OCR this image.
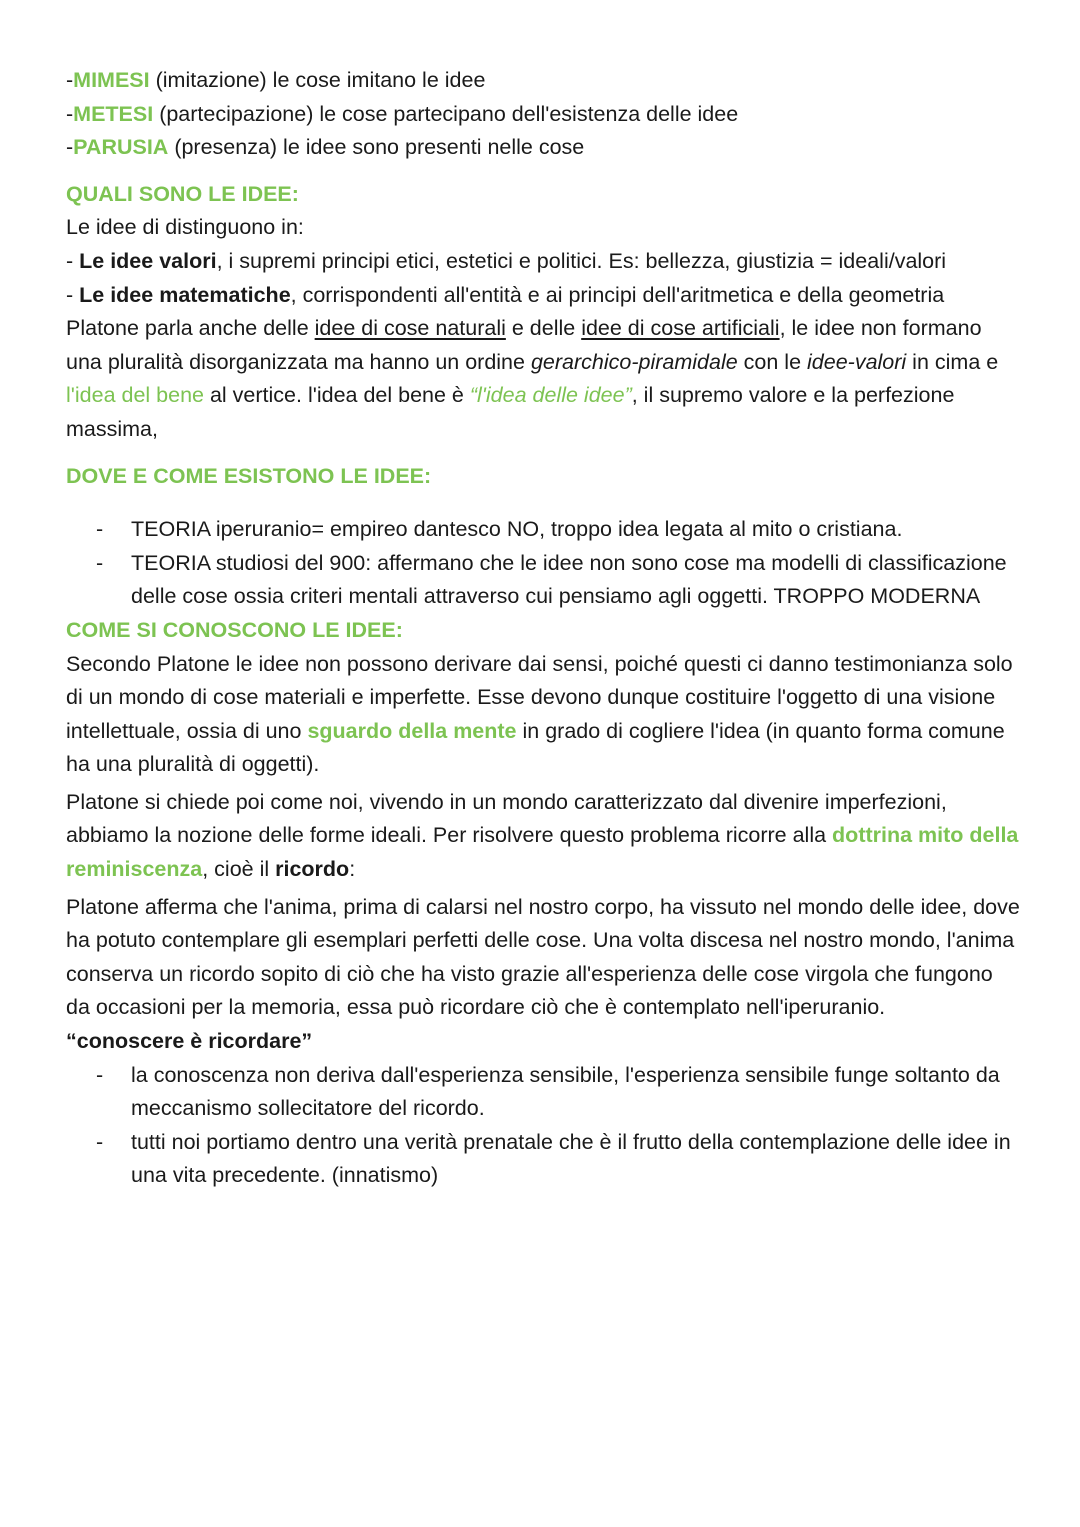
-MIMESI (imitazione) le cose imitano le idee

-METESI (partecipazione) le cose partecipano dell'esistenza delle idee

-PARUSIA (presenza) le idee sono presenti nelle cose

QUALI SONO LE IDEE:

Le idee di distinguono in:

- Le idee valori, i supremi principi etici, estetici e politici. Es: bellezza, giustizia = ideali/valori

- Le idee matematiche, corrispondenti all'entità e ai principi dell'aritmetica e della geometria

Platone parla anche delle idee di cose naturali e delle idee di cose artificiali, le idee non formano una pluralità disorganizzata ma hanno un ordine gerarchico-piramidale con le idee-valori in cima e l'idea del bene al vertice. l'idea del bene è “l'idea delle idee”, il supremo valore e la perfezione massima,

DOVE E COME ESISTONO LE IDEE:
- TEORIA iperuranio= empireo dantesco NO, troppo idea legata al mito o cristiana.
- TEORIA studiosi del 900: affermano che le idee non sono cose ma modelli di classificazione delle cose ossia criteri mentali attraverso cui pensiamo agli oggetti. TROPPO MODERNA
COME SI CONOSCONO LE IDEE:

Secondo Platone le idee non possono derivare dai sensi, poiché questi ci danno testimonianza solo di un mondo di cose materiali e imperfette. Esse devono dunque costituire l'oggetto di una visione intellettuale, ossia di uno sguardo della mente in grado di cogliere l'idea (in quanto forma comune ha una pluralità di oggetti).

Platone si chiede poi come noi, vivendo in un mondo caratterizzato dal divenire imperfezioni, abbiamo la nozione delle forme ideali. Per risolvere questo problema ricorre alla dottrina mito della reminiscenza, cioè il ricordo:

Platone afferma che l'anima, prima di calarsi nel nostro corpo, ha vissuto nel mondo delle idee, dove ha potuto contemplare gli esemplari perfetti delle cose. Una volta discesa nel nostro mondo, l'anima conserva un ricordo sopito di ciò che ha visto grazie all'esperienza delle cose virgola che fungono da occasioni per la memoria, essa può ricordare ciò che è contemplato nell'iperuranio.

“conoscere è ricordare”

- la conoscenza non deriva dall'esperienza sensibile, l'esperienza sensibile funge soltanto da meccanismo sollecitatore del ricordo.
- tutti noi portiamo dentro una verità prenatale che è il frutto della contemplazione delle idee in una vita precedente. (innatismo)
